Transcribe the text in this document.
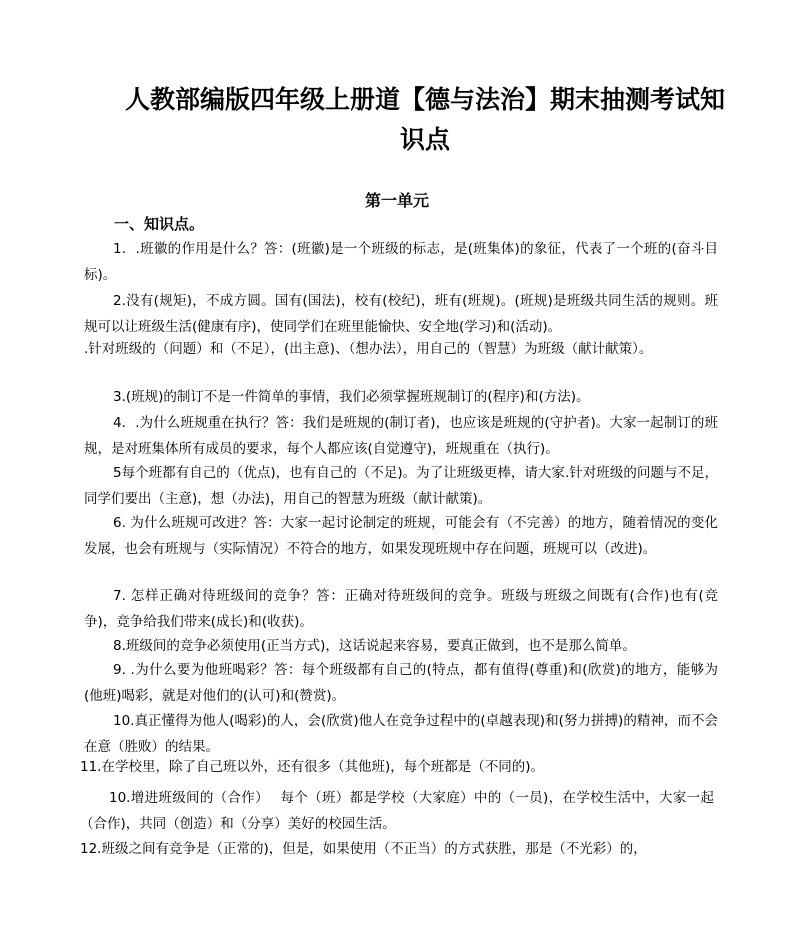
人教部编版四年级上册道【德与法治】期末抽测考试知识点
第一单元
一、知识点。
1．.班徽的作用是什么？答：(班徽)是一个班级的标志，是(班集体)的象征，代表了一个班的(奋斗目标)。
2.没有(规矩)，不成方圆。国有(国法)，校有(校纪)，班有(班规)。(班规)是班级共同生活的规则。班规可以让班级生活(健康有序)，使同学们在班里能愉快、安全地(学习)和(活动)。
.针对班级的（问题）和（不足），(出主意)、（想办法），用自己的（智慧）为班级（献计献策）。
3.(班规)的制订不是一件简单的事情，我们必须掌握班规制订的(程序)和(方法)。
4．.为什么班规重在执行？答：我们是班规的(制订者)，也应该是班规的(守护者)。大家一起制订的班规，是对班集体所有成员的要求，每个人都应该(自觉遵守)，班规重在（执行)。
5每个班都有自己的（优点)，也有自己的（不足)。为了让班级更棒，请大家.针对班级的问题与不足，同学们要出（主意)，想（办法)，用自己的智慧为班级（献计献策)。
6. 为什么班规可改进？答：大家一起讨论制定的班规，可能会有（不完善）的地方，随着情况的变化发展，也会有班规与（实际情况）不符合的地方，如果发现班规中存在问题，班规可以（改进)。
7. 怎样正确对待班级间的竞争？答：正确对待班级间的竞争。班级与班级之间既有(合作)也有(竞争)，竞争给我们带来(成长)和(收获)。
8.班级间的竞争必须使用(正当方式)，这话说起来容易，要真正做到，也不是那么简单。
9. .为什么要为他班喝彩？答：每个班级都有自己的(特点，都有值得(尊重)和(欣赏)的地方，能够为(他班)喝彩，就是对他们的(认可)和(赞赏)。
10.真正懂得为他人(喝彩)的人，会(欣赏)他人在竞争过程中的(卓越表现)和(努力拼搏)的精神，而不会在意（胜败）的结果。
11.在学校里，除了自己班以外，还有很多（其他班)，每个班都是（不同的)。
10.增进班级间的（合作）　 每个（班）都是学校（大家庭）中的（一员)，在学校生活中，大家一起（合作)，共同（创造）和（分享）美好的校园生活。
12.班级之间有竞争是（正常的)，但是，如果使用（不正当）的方式获胜，那是（不光彩）的，
